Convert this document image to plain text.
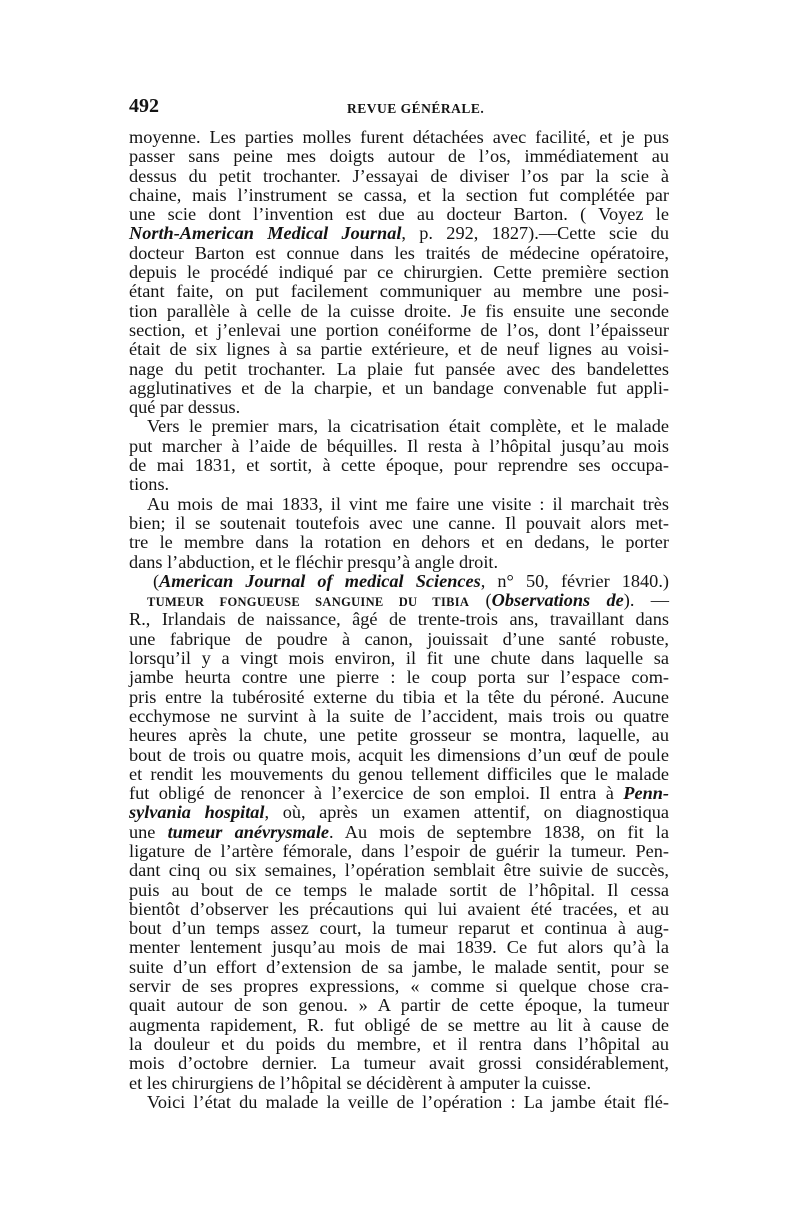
492	REVUE GÉNÉRALE.
moyenne. Les parties molles furent détachées avec facilité, et je pus
passer sans peine mes doigts autour de l’os, immédiatement au
dessus du petit trochanter. J’essayai de diviser l’os par la scie à
chaine, mais l’instrument se cassa, et la section fut complétée par
une scie dont l’invention est due au docteur Barton. ( Voyez le
North-American Medical Journal, p. 292, 1827).—Cette scie du
docteur Barton est connue dans les traités de médecine opératoire,
depuis le procédé indiqué par ce chirurgien. Cette première section
étant faite, on put facilement communiquer au membre une posi-
tion parallèle à celle de la cuisse droite. Je fis ensuite une seconde
section, et j’enlevai une portion conéiforme de l’os, dont l’épaisseur
était de six lignes à sa partie extérieure, et de neuf lignes au voisi-
nage du petit trochanter. La plaie fut pansée avec des bandelettes
agglutinatives et de la charpie, et un bandage convenable fut appli-
qué par dessus.
Vers le premier mars, la cicatrisation était complète, et le malade
put marcher à l’aide de béquilles. Il resta à l’hôpital jusqu’au mois
de mai 1831, et sortit, à cette époque, pour reprendre ses occupa-
tions.
Au mois de mai 1833, il vint me faire une visite : il marchait très
bien; il se soutenait toutefois avec une canne. Il pouvait alors met-
tre le membre dans la rotation en dehors et en dedans, le porter
dans l’abduction, et le fléchir presqu’à angle droit.
(American Journal of medical Sciences, n° 50, février 1840.)
TUMEUR FONGUEUSE SANGUINE DU TIBIA (Observations de). —
R., Irlandais de naissance, âgé de trente-trois ans, travaillant dans
une fabrique de poudre à canon, jouissait d’une santé robuste,
lorsqu’il y a vingt mois environ, il fit une chute dans laquelle sa
jambe heurta contre une pierre : le coup porta sur l’espace com-
pris entre la tubérosité externe du tibia et la tête du péroné. Aucune
ecchymose ne survint à la suite de l’accident, mais trois ou quatre
heures après la chute, une petite grosseur se montra, laquelle, au
bout de trois ou quatre mois, acquit les dimensions d’un œuf de poule
et rendit les mouvements du genou tellement difficiles que le malade
fut obligé de renoncer à l’exercice de son emploi. Il entra à Penn-
sylvania hospital, où, après un examen attentif, on diagnostiqua
une tumeur anévrysmale. Au mois de septembre 1838, on fit la
ligature de l’artère fémorale, dans l’espoir de guérir la tumeur. Pen-
dant cinq ou six semaines, l’opération semblait être suivie de succès,
puis au bout de ce temps le malade sortit de l’hôpital. Il cessa
bientôt d’observer les précautions qui lui avaient été tracées, et au
bout d’un temps assez court, la tumeur reparut et continua à aug-
menter lentement jusqu’au mois de mai 1839. Ce fut alors qu’à la
suite d’un effort d’extension de sa jambe, le malade sentit, pour se
servir de ses propres expressions, « comme si quelque chose cra-
quait autour de son genou. » A partir de cette époque, la tumeur
augmenta rapidement, R. fut obligé de se mettre au lit à cause de
la douleur et du poids du membre, et il rentra dans l’hôpital au
mois d’octobre dernier. La tumeur avait grossi considérablement,
et les chirurgiens de l’hôpital se décidèrent à amputer la cuisse.
Voici l’état du malade la veille de l’opération : La jambe était flé-
